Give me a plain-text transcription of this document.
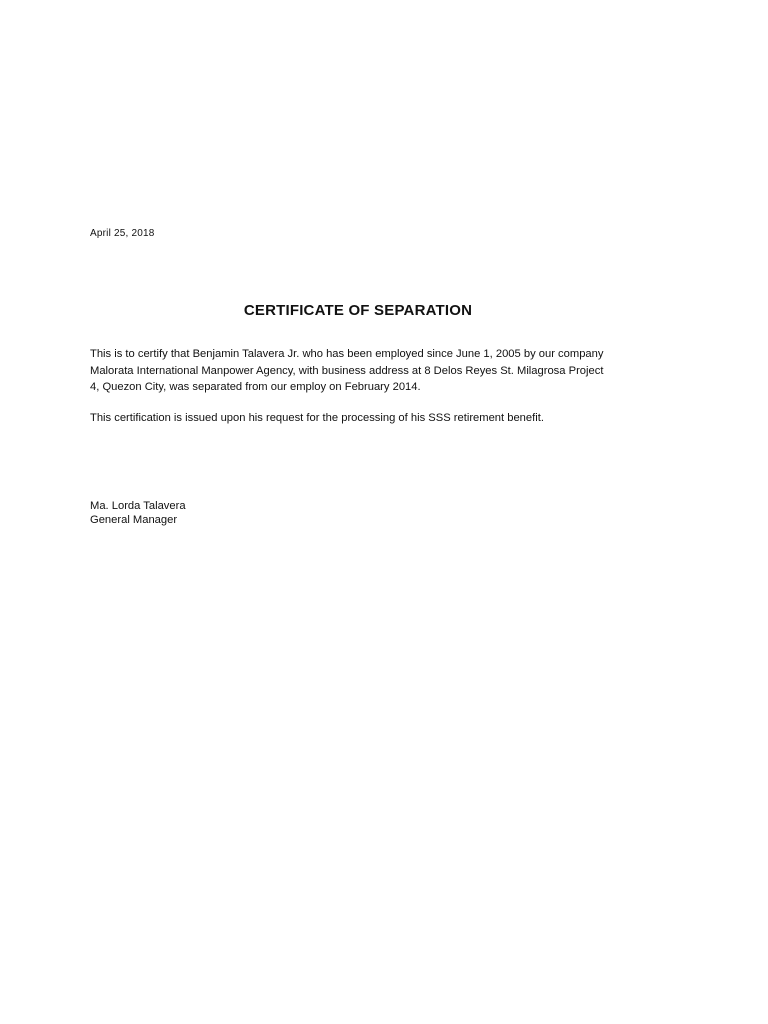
April 25, 2018
CERTIFICATE OF SEPARATION

This is to certify that Benjamin Talavera Jr. who has been employed since June 1, 2005 by our company
Malorata International Manpower Agency, with business address at 8 Delos Reyes St. Milagrosa Project
4, Quezon City, was separated from our employ on February 2014.

This certification is issued upon his request for the processing of his SSS retirement benefit.

Ma. Lorda Talavera
General Manager
